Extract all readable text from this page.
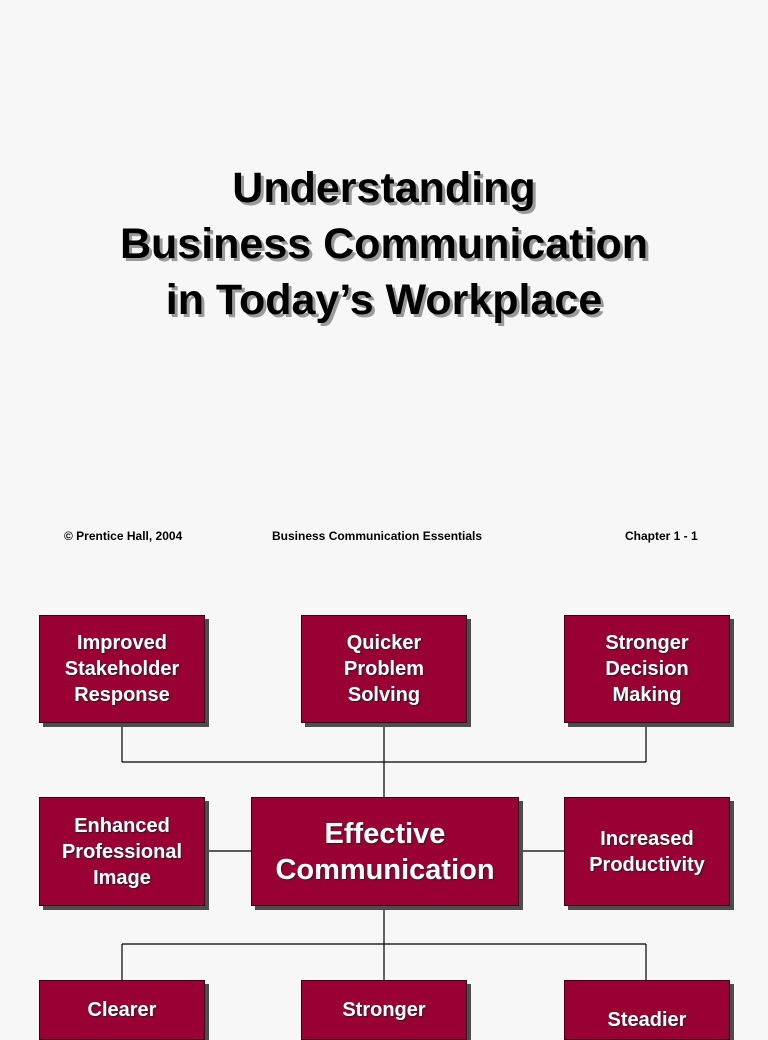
Understanding
Business Communication
in Today’s Workplace
© Prentice Hall, 2004	Business Communication Essentials	Chapter 1 - 1
Improved
Stakeholder
Response
Quicker
Problem
Solving
Stronger
Decision
Making
Enhanced
Professional
Image
Effective
Communication
Increased
Productivity
Clearer	Stronger	Steadier
